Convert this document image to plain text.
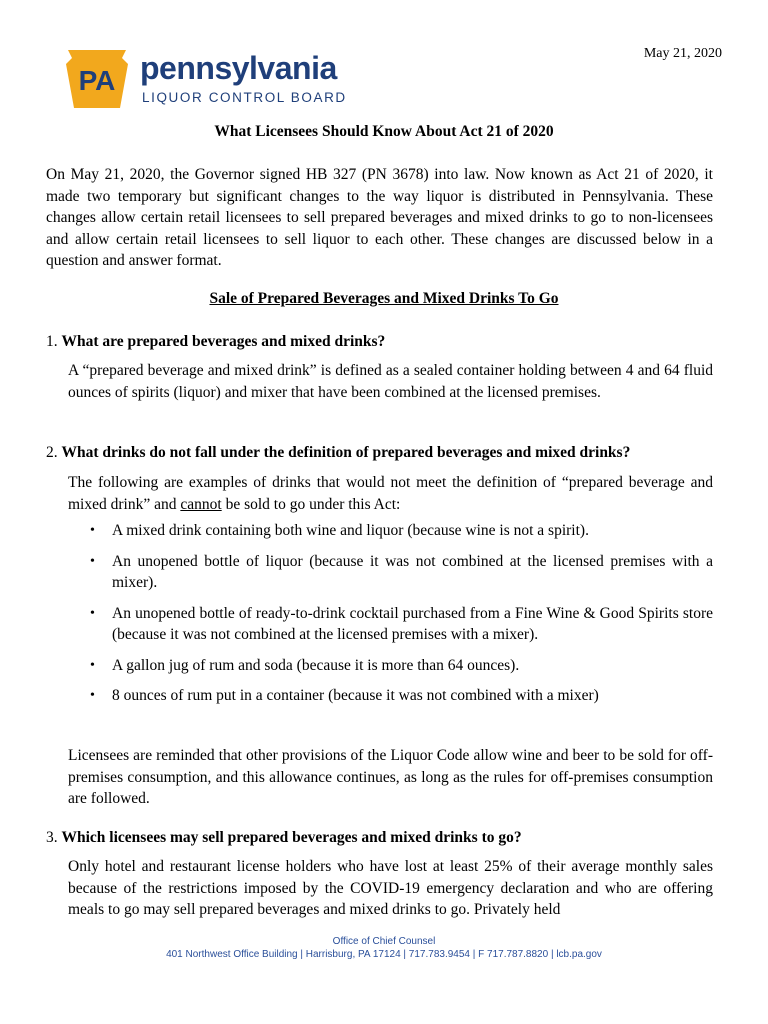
PA pennsylvania
LIQUOR CONTROL BOARD
May 21, 2020
What Licensees Should Know About Act 21 of 2020
On May 21, 2020, the Governor signed HB 327 (PN 3678) into law. Now known as Act 21 of 2020, it made two temporary but significant changes to the way liquor is distributed in Pennsylvania. These changes allow certain retail licensees to sell prepared beverages and mixed drinks to go to non-licensees and allow certain retail licensees to sell liquor to each other. These changes are discussed below in a question and answer format.
Sale of Prepared Beverages and Mixed Drinks To Go
1. What are prepared beverages and mixed drinks?
A “prepared beverage and mixed drink” is defined as a sealed container holding between 4 and 64 fluid ounces of spirits (liquor) and mixer that have been combined at the licensed premises.
2. What drinks do not fall under the definition of prepared beverages and mixed drinks?
The following are examples of drinks that would not meet the definition of “prepared beverage and mixed drink” and cannot be sold to go under this Act:
• A mixed drink containing both wine and liquor (because wine is not a spirit).
• An unopened bottle of liquor (because it was not combined at the licensed premises with a mixer).
• An unopened bottle of ready-to-drink cocktail purchased from a Fine Wine & Good Spirits store (because it was not combined at the licensed premises with a mixer).
• A gallon jug of rum and soda (because it is more than 64 ounces).
• 8 ounces of rum put in a container (because it was not combined with a mixer)
Licensees are reminded that other provisions of the Liquor Code allow wine and beer to be sold for off-premises consumption, and this allowance continues, as long as the rules for off-premises consumption are followed.
3. Which licensees may sell prepared beverages and mixed drinks to go?
Only hotel and restaurant license holders who have lost at least 25% of their average monthly sales because of the restrictions imposed by the COVID-19 emergency declaration and who are offering meals to go may sell prepared beverages and mixed drinks to go. Privately held
Office of Chief Counsel
401 Northwest Office Building | Harrisburg, PA 17124 | 717.783.9454 | F 717.787.8820 | lcb.pa.gov
